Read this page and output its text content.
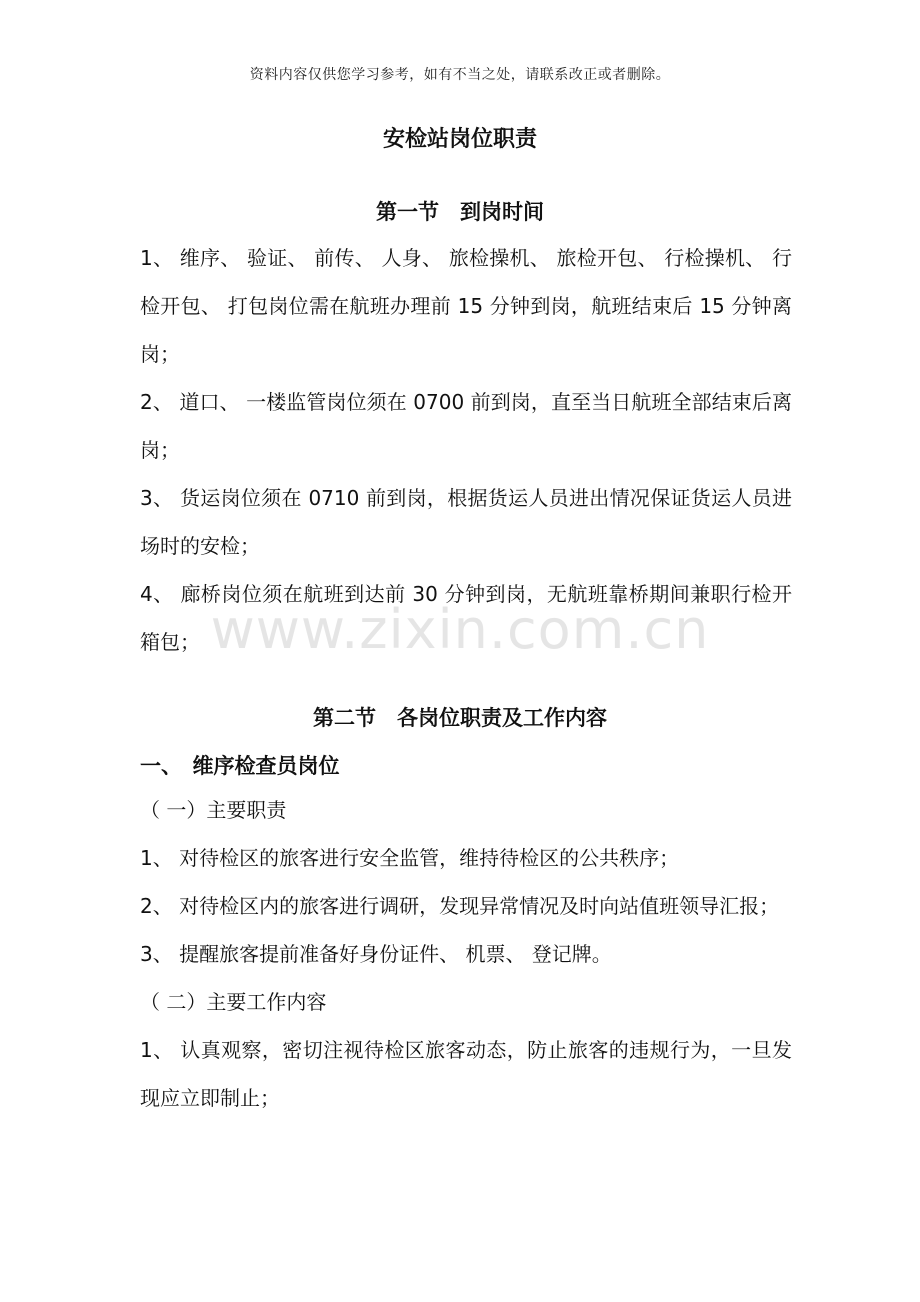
资料内容仅供您学习参考，如有不当之处，请联系改正或者删除。
安检站岗位职责
第一节　到岗时间

1、 维序、 验证、 前传、 人身、 旅检操机、 旅检开包、 行检操机、 行检开包、 打包岗位需在航班办理前 15 分钟到岗，航班结束后 15 分钟离岗；

2、 道口、 一楼监管岗位须在 0700 前到岗，直至当日航班全部结束后离岗；

3、 货运岗位须在 0710 前到岗，根据货运人员进出情况保证货运人员进场时的安检；

4、 廊桥岗位须在航班到达前 30 分钟到岗，无航班靠桥期间兼职行检开箱包； www.zixin.com.cn
第二节　各岗位职责及工作内容
一、　维序检查员岗位

（ 一）主要职责

1、 对待检区的旅客进行安全监管，维持待检区的公共秩序；

2、 对待检区内的旅客进行调研，发现异常情况及时向站值班领导汇报；

3、 提醒旅客提前准备好身份证件、 机票、 登记牌。

（ 二）主要工作内容

1、 认真观察，密切注视待检区旅客动态，防止旅客的违规行为，一旦发现应立即制止；
